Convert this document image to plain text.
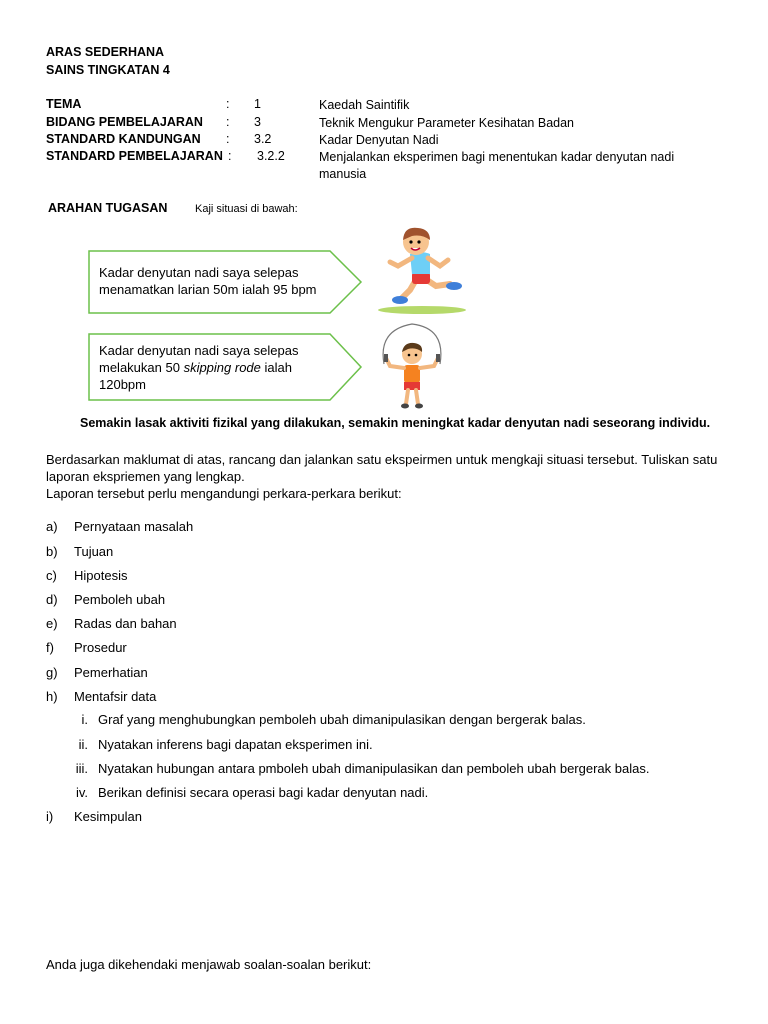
ARAS SEDERHANA
SAINS TINGKATAN 4
TEMA	: 1	Kaedah Saintifik
BIDANG PEMBELAJARAN : 3	Teknik Mengukur Parameter Kesihatan Badan
STANDARD KANDUNGAN : 3.2	Kadar Denyutan Nadi
STANDARD PEMBELAJARAN : 3.2.2	Menjalankan eksperimen bagi menentukan kadar denyutan nadi manusia
ARAHAN TUGASAN	Kaji situasi di bawah:
Kadar denyutan nadi saya selepas menamatkan larian 50m ialah 95 bpm
Kadar denyutan nadi saya selepas melakukan 50 skipping rode ialah 120bpm
Semakin lasak aktiviti fizikal yang dilakukan, semakin meningkat kadar denyutan nadi seseorang individu.

Berdasarkan maklumat di atas, rancang dan jalankan satu ekspeirmen untuk mengkaji situasi tersebut. Tuliskan satu laporan ekspriemen yang lengkap.

Laporan tersebut perlu mengandungi perkara-perkara berikut:

a) Pernyataan masalah
b) Tujuan
c) Hipotesis
d) Pemboleh ubah
e) Radas dan bahan
f) Prosedur
g) Pemerhatian
h) Mentafsir data
i. Graf yang menghubungkan pemboleh ubah dimanipulasikan dengan bergerak balas.
ii. Nyatakan inferens bagi dapatan eksperimen ini.
iii. Nyatakan hubungan antara pmboleh ubah dimanipulasikan dan pemboleh ubah bergerak balas.
iv. Berikan definisi secara operasi bagi kadar denyutan nadi.
i) Kesimpulan
Anda juga dikehendaki menjawab soalan-soalan berikut:
